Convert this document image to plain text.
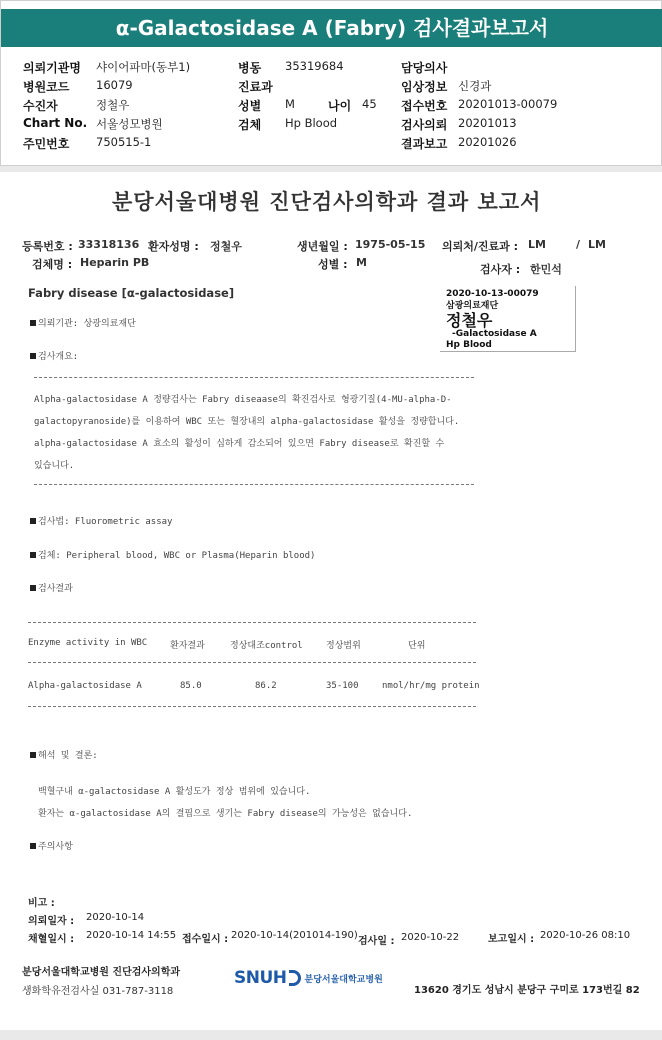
α-Galactosidase A (Fabry) 검사결과보고서
의뢰기관명 샤이어파마(동부1)
병원코드 16079
수진자	정철우
Chart No. 서울성모병원
주민번호 750515-1
병동 35319684
진료과
성별 M	나이 45
검체 Hp Blood
담당의사
임상정보 신경과
접수번호 20201013-00079
검사의뢰 20201013
결과보고 20201026
분당서울대병원 진단검사의학과 결과 보고서
등록번호 : 33318136 환자성명 : 정철우	생년월일 : 1975-05-15 의뢰처/진료과 : LM	/ LM
검체명 : Heparin PB	성별 : M
검사자 : 한민석
Fabry disease [α-galactosidase]	2020-10-13-00079
삼광의료재단
정철우
-Galactosidase A
Hp Blood
의뢰기관: 상광의료재단
검사개요:
Alpha-galactosidase A 정량검사는 Fabry diseaase의 확진검사로 형광기질(4-MU-alpha-D-
galactopyranoside)를 이용하여 WBC 또는 혈장내의 alpha-galactosidase 활성을 정량합니다.
alpha-galactosidase A 효소의 활성이 심하게 감소되어 있으면 Fabry disease로 확진할 수
있습니다.
검사법: Fluorometric assay
검체: Peripheral blood, WBC or Plasma(Heparin blood)
검사결과
Enzyme activity in WBC	환자결과	정상대조control	정상범위	단위
Alpha-galactosidase A	85.0	86.2	35-100	nmol/hr/mg protein
해석 및 결론:
백혈구내 α-galactosidase A 활성도가 정상 범위에 있습니다.
환자는 α-galactosidase A의 결핍으로 생기는 Fabry disease의 가능성은 없습니다.
주의사항
비고 :
의뢰일자 : 2020-10-14
채혈일시 : 2020-10-14 14:55 접수일시 : 2020-10-14(201014-190)
검사일 : 2020-10-22	보고일시 : 2020-10-26 08:10
분당서울대학교병원 진단검사의학과
생화학유전검사실 031-787-3118
SNUH 분당서울대학교병원
13620 경기도 성남시 분당구 구미로 173번길 82
